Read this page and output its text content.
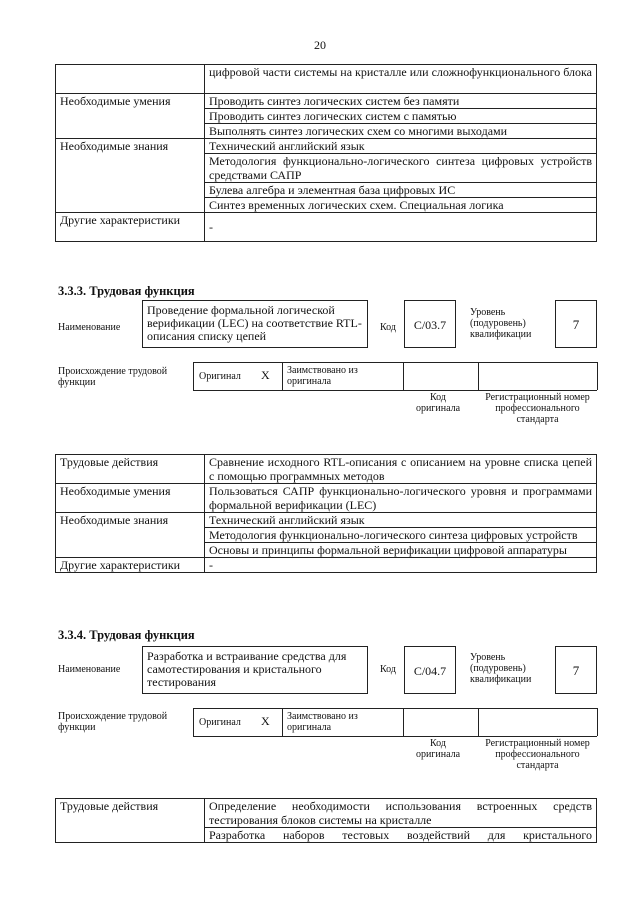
20
	цифровой части системы на кристалле или сложнофункционального блока
Необходимые умения	Проводить синтез логических систем без памяти
	Проводить синтез логических систем с памятью
	Выполнять синтез логических схем со многими выходами
Необходимые знания	Технический английский язык
	Методология функционально-логического синтеза цифровых устройств средствами САПР
	Булева алгебра и элементная база цифровых ИС
	Синтез временных логических схем. Специальная логика
Другие характеристики	-
3.3.3. Трудовая функция
Наименование
Проведение формальной логической верификации (LEC) на соответствие RTL-описания списку цепей
Код	С/03.7
Уровень (подуровень) квалификации
7
Происхождение трудовой функции
Оригинал X Заимствовано из оригинала
Код оригинала
Регистрационный номер профессионального стандарта
Трудовые действия	Сравнение исходного RTL-описания с описанием на уровне списка цепей с помощью программных методов
Необходимые умения	Пользоваться САПР функционально-логического уровня и программами формальной верификации (LEC)
Необходимые знания	Технический английский язык
	Методология функционально-логического синтеза цифровых устройств
	Основы и принципы формальной верификации цифровой аппаратуры
Другие характеристики	-
3.3.4. Трудовая функция
Наименование
Разработка и встраивание средства для самотестирования и кристального тестирования
Код	С/04.7
Уровень (подуровень) квалификации
7
Происхождение трудовой функции	Оригинал X Заимствовано из оригинала
Код оригинала
Регистрационный номер профессионального стандарта
Трудовые действия	Определение необходимости использования встроенных средств тестирования блоков системы на кристалле
Разработка наборов тестовых воздействий для кристального
